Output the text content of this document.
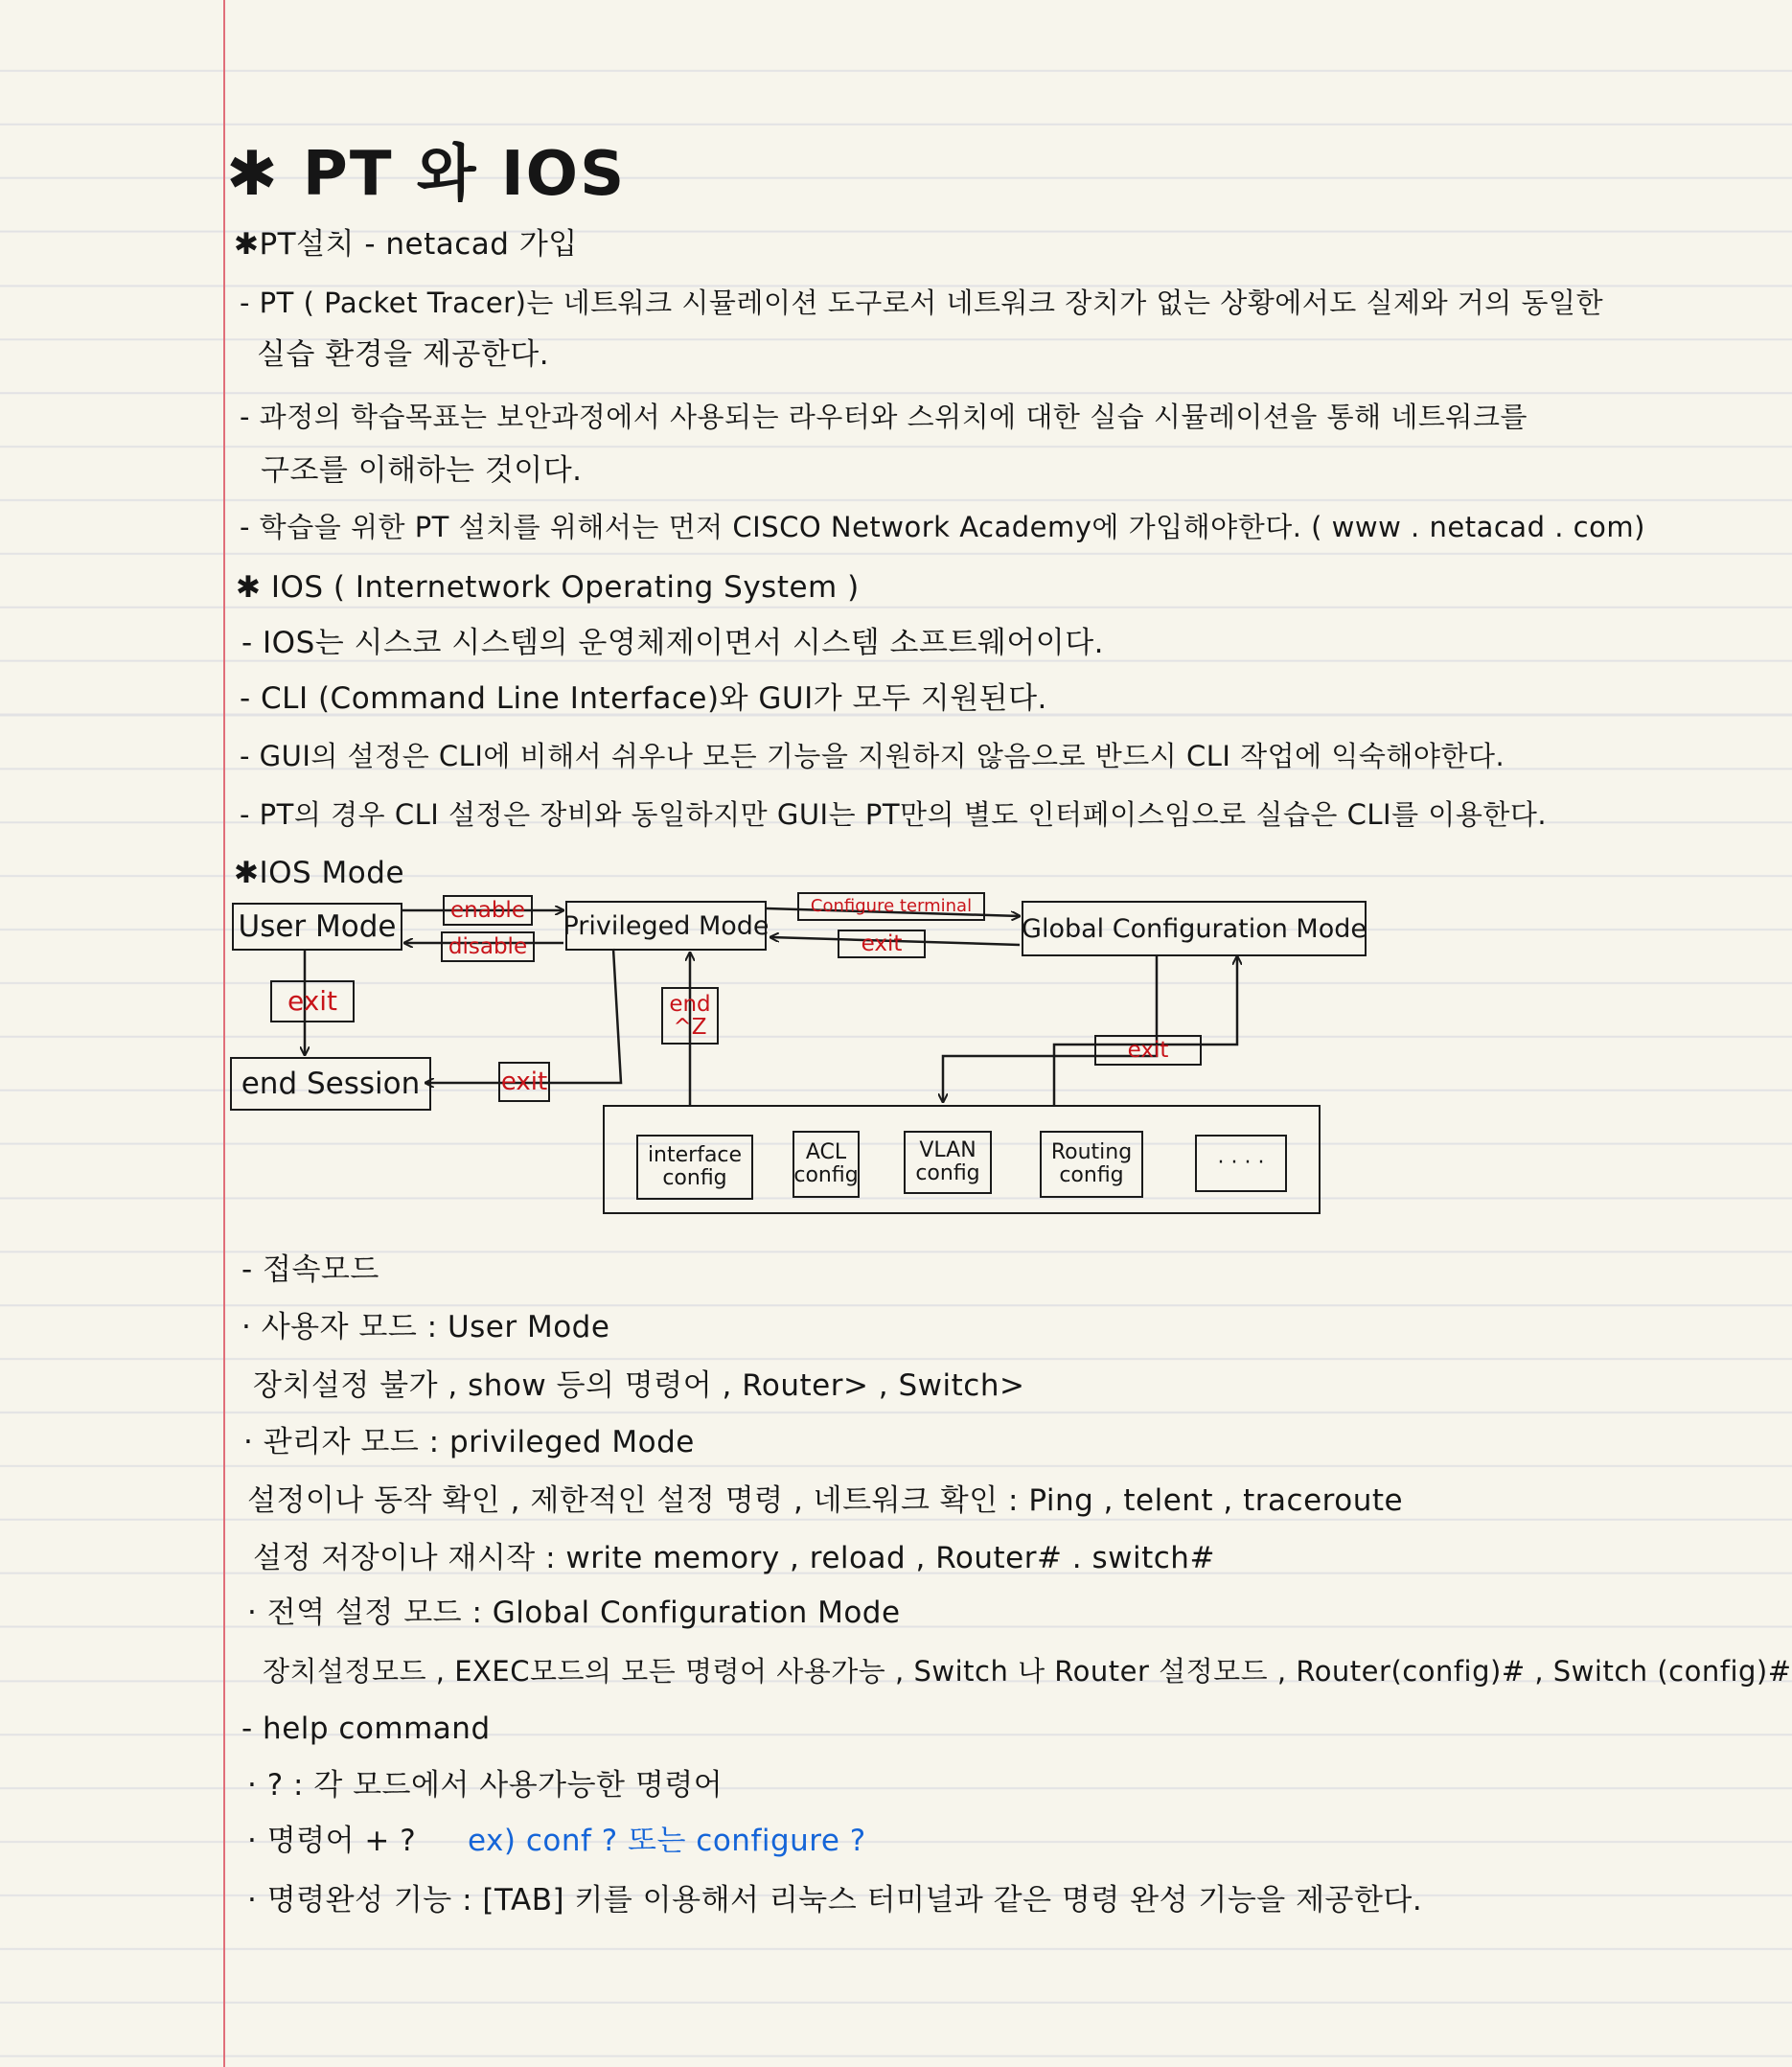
✱ PT 와 IOS
✱PT설치 - netacad 가입
- PT ( Packet Tracer)는 네트워크 시뮬레이션 도구로서 네트워크 장치가 없는 상황에서도 실제와 거의 동일한
실습 환경을 제공한다.
- 과정의 학습목표는 보안과정에서 사용되는 라우터와 스위치에 대한 실습 시뮬레이션을 통해 네트워크를
구조를 이해하는 것이다.
- 학습을 위한 PT 설치를 위해서는 먼저 CISCO Network Academy에 가입해야한다. ( www . netacad . com)
✱ IOS ( Internetwork Operating System )
- IOS는 시스코 시스템의 운영체제이면서 시스템 소프트웨어이다.
- CLI (Command Line Interface)와 GUI가 모두 지원된다.
- GUI의 설정은 CLI에 비해서 쉬우나 모든 기능을 지원하지 않음으로 반드시 CLI 작업에 익숙해야한다.
- PT의 경우 CLI 설정은 장비와 동일하지만 GUI는 PT만의 별도 인터페이스임으로 실습은 CLI를 이용한다.
✱IOS Mode
User Mode	Privileged Mode	Global Configuration Mode
end Session
enable
disable
Configure terminal
exit
exit
exit
end
^Z
exit
interface
config
ACL
config
VLAN
config
Routing
config
· · · ·
- 접속모드
· 사용자 모드 : User Mode
장치설정 불가 , show 등의 명령어 , Router> , Switch>
· 관리자 모드 : privileged Mode
설정이나 동작 확인 , 제한적인 설정 명령 , 네트워크 확인 : Ping , telent , traceroute
설정 저장이나 재시작 : write memory , reload , Router# . switch#
· 전역 설정 모드 : Global Configuration Mode
장치설정모드 , EXEC모드의 모든 명령어 사용가능 , Switch 나 Router 설정모드 , Router(config)# , Switch (config)#
- help command
· ? : 각 모드에서 사용가능한 명령어
· 명령어 + ? ex) conf ? 또는 configure ?
· 명령완성 기능 : [TAB] 키를 이용해서 리눅스 터미널과 같은 명령 완성 기능을 제공한다.
